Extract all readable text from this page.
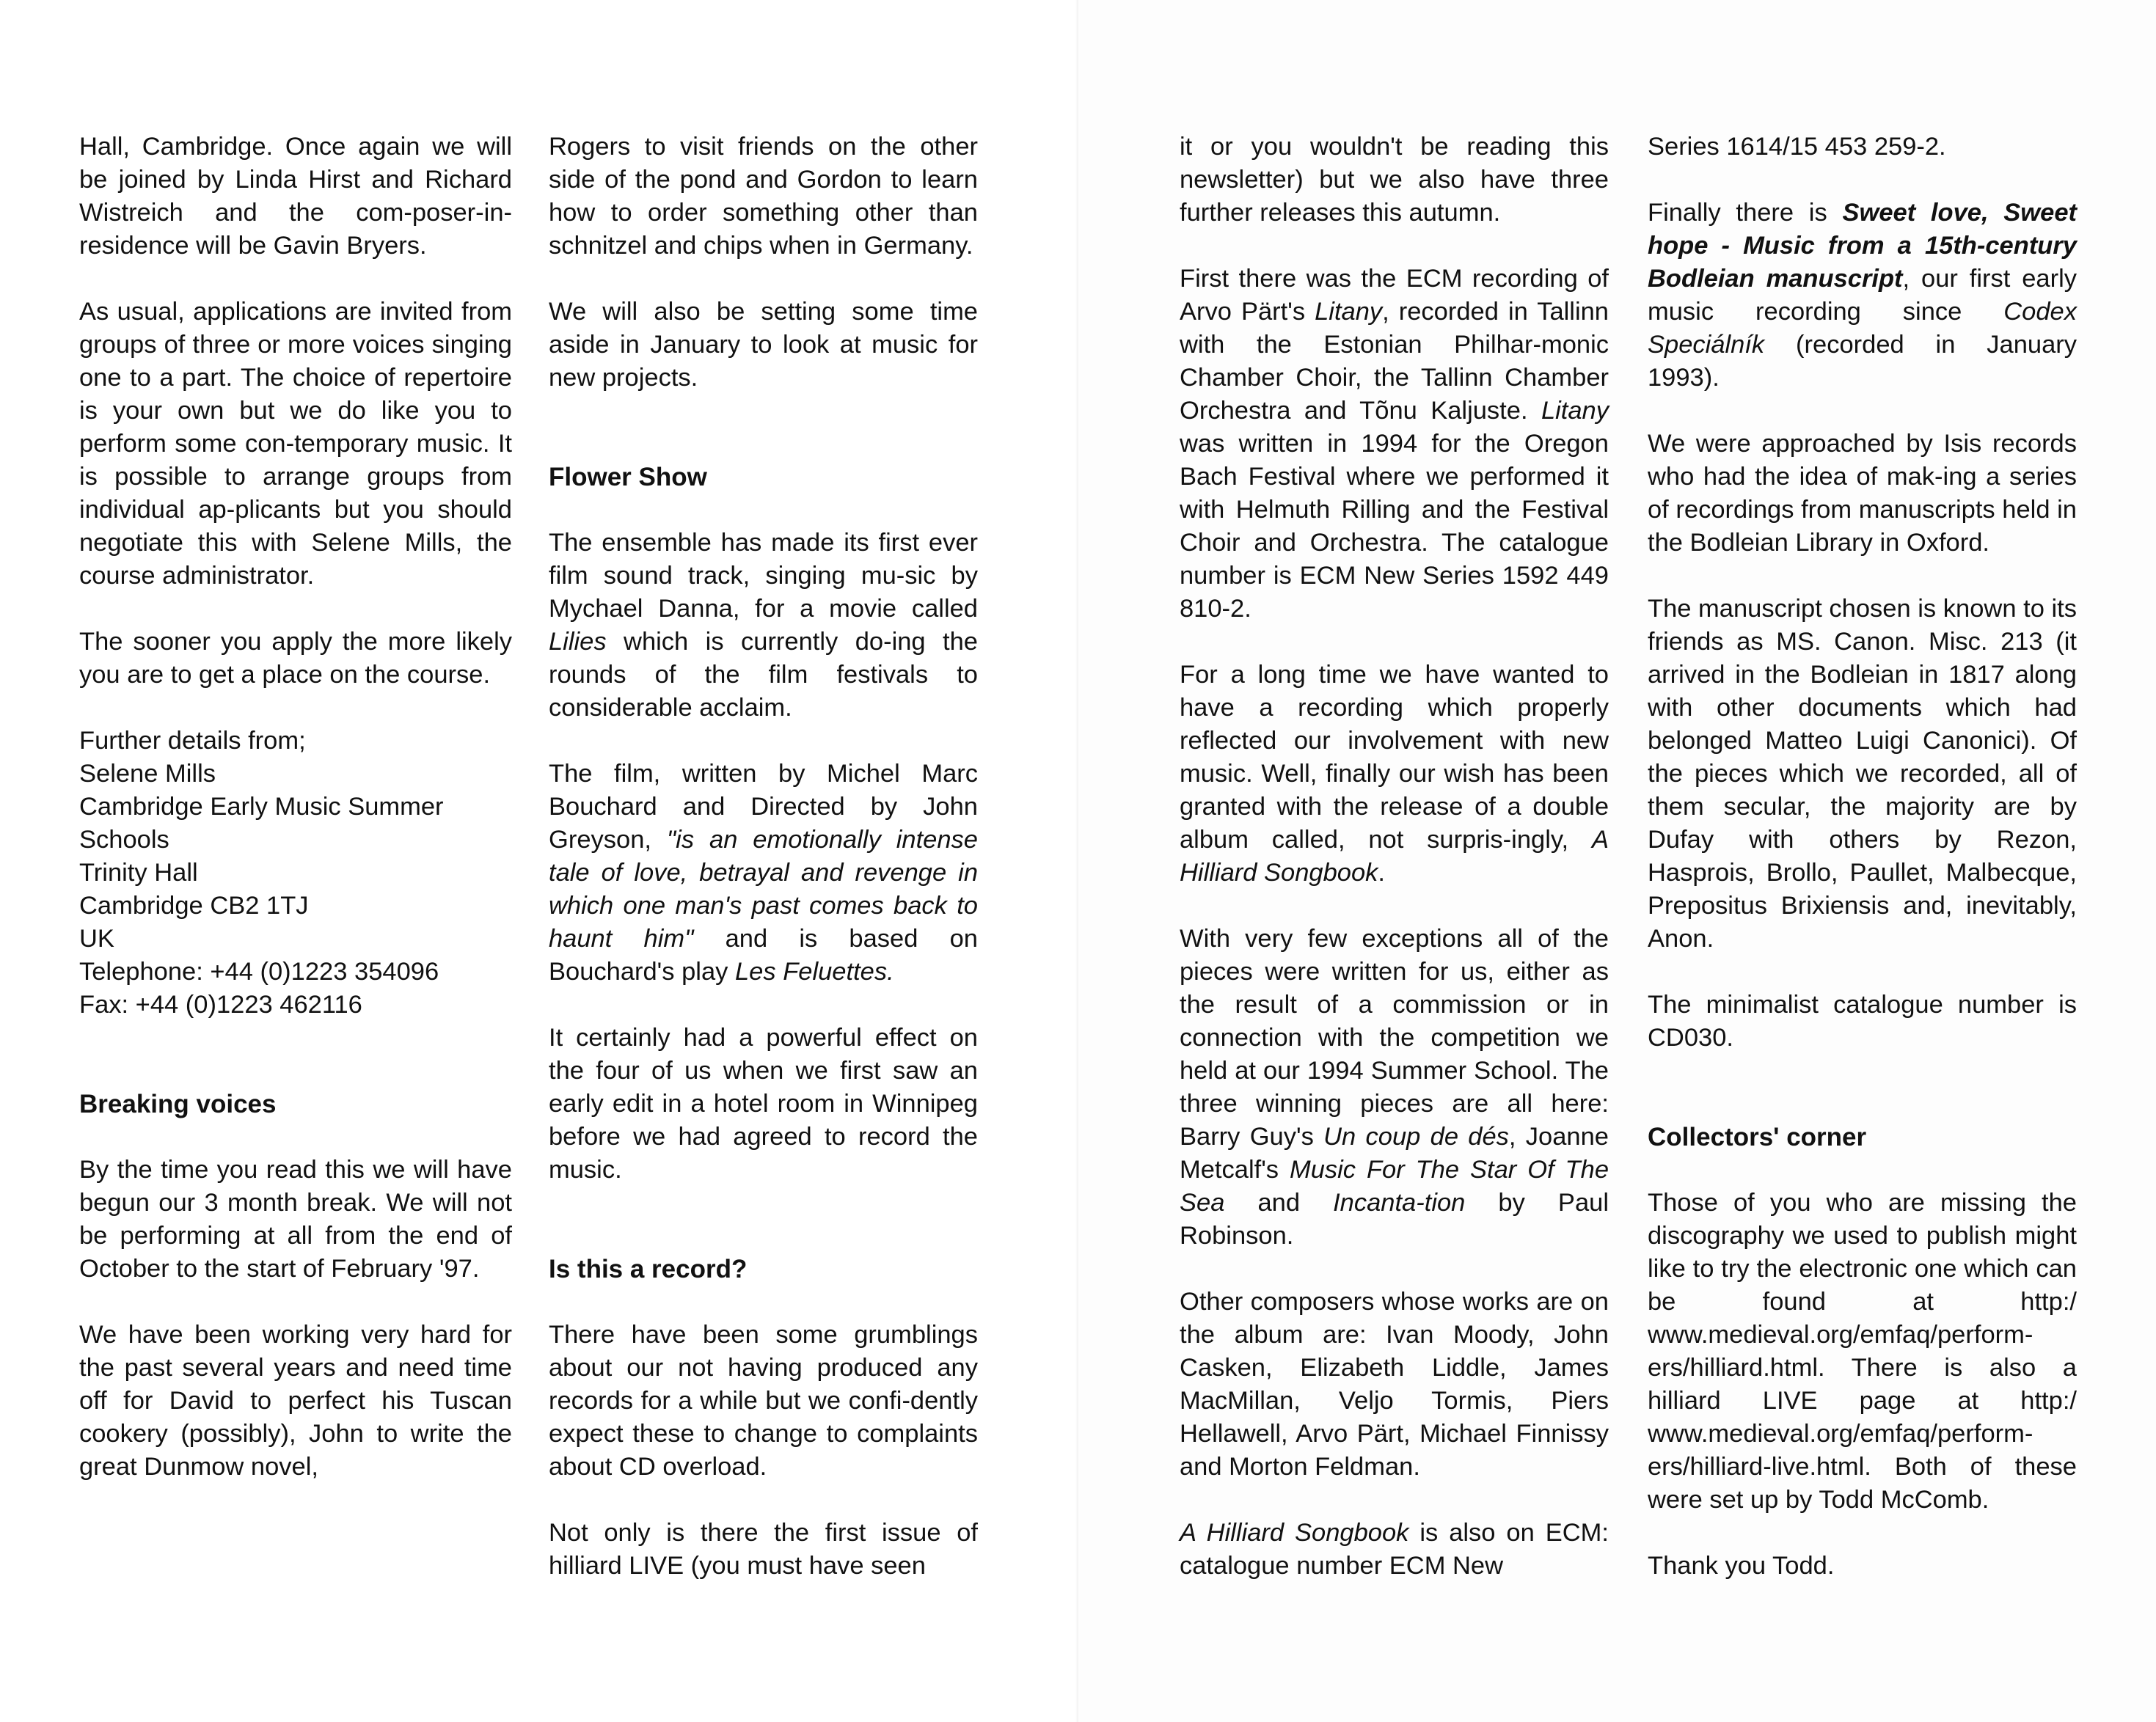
Hall, Cambridge. Once again we will be joined by Linda Hirst and Richard Wistreich and the com-poser-in-residence will be Gavin Bryers.

As usual, applications are invited from groups of three or more voices singing one to a part. The choice of repertoire is your own but we do like you to perform some con-temporary music. It is possible to arrange groups from individual ap-plicants but you should negotiate this with Selene Mills, the course administrator.

The sooner you apply the more likely you are to get a place on the course.

Further details from;
Selene Mills
Cambridge Early Music Summer Schools
Trinity Hall
Cambridge CB2 1TJ
UK
Telephone: +44 (0)1223 354096
Fax: +44 (0)1223 462116

Breaking voices

By the time you read this we will have begun our 3 month break. We will not be performing at all from the end of October to the start of February '97.

We have been working very hard for the past several years and need time off for David to perfect his Tuscan cookery (possibly), John to write the great Dunmow novel,

Rogers to visit friends on the other side of the pond and Gordon to learn how to order something other than schnitzel and chips when in Germany.

We will also be setting some time aside in January to look at music for new projects.

Flower Show

The ensemble has made its first ever film sound track, singing mu-sic by Mychael Danna, for a movie called Lilies which is currently do-ing the rounds of the film festivals to considerable acclaim.

The film, written by Michel Marc Bouchard and Directed by John Greyson, "is an emotionally intense tale of love, betrayal and revenge in which one man's past comes back to haunt him" and is based on Bouchard's play Les Feluettes.

It certainly had a powerful effect on the four of us when we first saw an early edit in a hotel room in Winnipeg before we had agreed to record the music.

Is this a record?

There have been some grumblings about our not having produced any records for a while but we confi-dently expect these to change to complaints about CD overload.

Not only is there the first issue of hilliard LIVE (you must have seen

it or you wouldn't be reading this newsletter) but we also have three further releases this autumn.

First there was the ECM recording of Arvo Pärt's Litany, recorded in Tallinn with the Estonian Philhar-monic Chamber Choir, the Tallinn Chamber Orchestra and Tõnu Kaljuste. Litany was written in 1994 for the Oregon Bach Festival where we performed it with Helmuth Rilling and the Festival Choir and Orchestra. The catalogue number is ECM New Series 1592 449 810-2.

For a long time we have wanted to have a recording which properly reflected our involvement with new music. Well, finally our wish has been granted with the release of a double album called, not surpris-ingly, A Hilliard Songbook.

With very few exceptions all of the pieces were written for us, either as the result of a commission or in connection with the competition we held at our 1994 Summer School. The three winning pieces are all here: Barry Guy's Un coup de dés, Joanne Metcalf's Music For The Star Of The Sea and Incanta-tion by Paul Robinson.

Other composers whose works are on the album are: Ivan Moody, John Casken, Elizabeth Liddle, James MacMillan, Veljo Tormis, Piers Hellawell, Arvo Pärt, Michael Finnissy and Morton Feldman.

A Hilliard Songbook is also on ECM: catalogue number ECM New

Series 1614/15 453 259-2.

Finally there is Sweet love, Sweet hope - Music from a 15th-century Bodleian manuscript, our first early music recording since Codex Speciálník (recorded in January 1993).

We were approached by Isis records who had the idea of mak-ing a series of recordings from manuscripts held in the Bodleian Library in Oxford.

The manuscript chosen is known to its friends as MS. Canon. Misc. 213 (it arrived in the Bodleian in 1817 along with other documents which had belonged Matteo Luigi Canonici). Of the pieces which we recorded, all of them secular, the majority are by Dufay with others by Rezon, Hasprois, Brollo, Paullet, Malbecque, Prepositus Brixiensis and, inevitably, Anon.

The minimalist catalogue number is CD030.

Collectors' corner

Those of you who are missing the discography we used to publish might like to try the electronic one which can be found at http:/ www.medieval.org/emfaq/perform-ers/hilliard.html. There is also a hilliard LIVE page at http:/ www.medieval.org/emfaq/perform-ers/hilliard-live.html. Both of these were set up by Todd McComb.

Thank you Todd.
